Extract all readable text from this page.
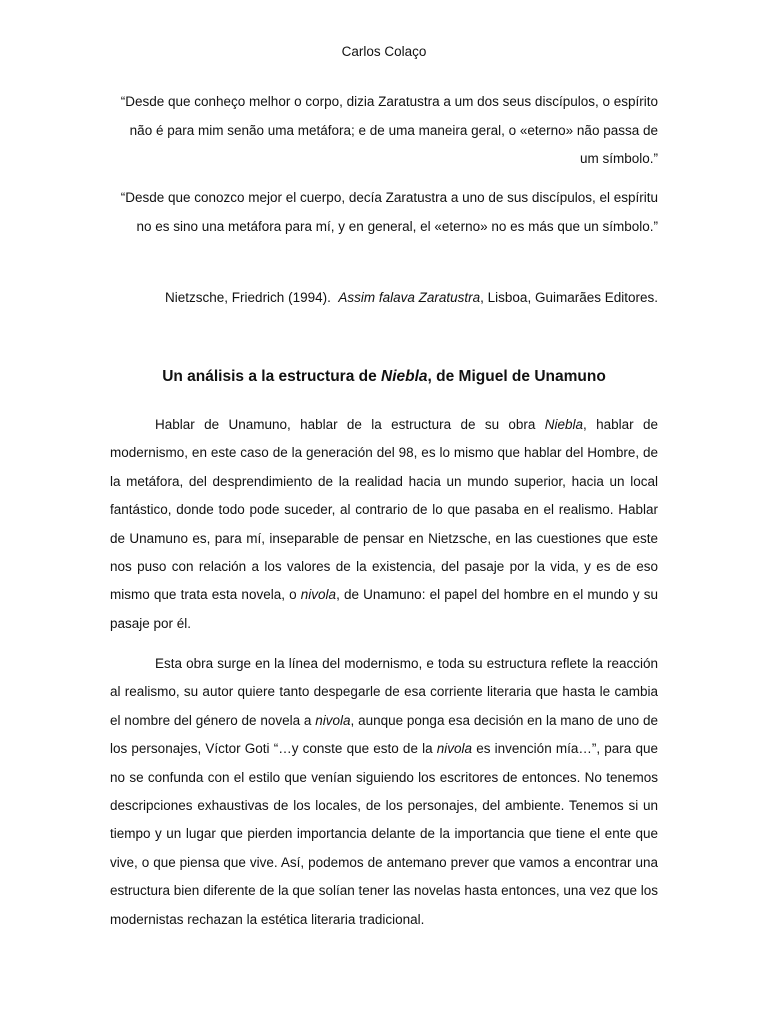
Carlos Colaço

“Desde que conheço melhor o corpo, dizia Zaratustra a um dos seus discípulos, o espírito não é para mim senão uma metáfora; e de uma maneira geral, o «eterno» não passa de um símbolo.”

“Desde que conozco mejor el cuerpo, decía Zaratustra a uno de sus discípulos, el espíritu no es sino una metáfora para mí, y en general, el «eterno» no es más que un símbolo.”

Nietzsche, Friedrich (1994). Assim falava Zaratustra, Lisboa, Guimarães Editores.

Un análisis a la estructura de Niebla, de Miguel de Unamuno

Hablar de Unamuno, hablar de la estructura de su obra Niebla, hablar de modernismo, en este caso de la generación del 98, es lo mismo que hablar del Hombre, de la metáfora, del desprendimiento de la realidad hacia un mundo superior, hacia un local fantástico, donde todo pode suceder, al contrario de lo que pasaba en el realismo. Hablar de Unamuno es, para mí, inseparable de pensar en Nietzsche, en las cuestiones que este nos puso con relación a los valores de la existencia, del pasaje por la vida, y es de eso mismo que trata esta novela, o nivola, de Unamuno: el papel del hombre en el mundo y su pasaje por él.

Esta obra surge en la línea del modernismo, e toda su estructura reflete la reacción al realismo, su autor quiere tanto despegarle de esa corriente literaria que hasta le cambia el nombre del género de novela a nivola, aunque ponga esa decisión en la mano de uno de los personajes, Víctor Goti “…y conste que esto de la nivola es invención mía…”, para que no se confunda con el estilo que venían siguiendo los escritores de entonces. No tenemos descripciones exhaustivas de los locales, de los personajes, del ambiente. Tenemos si un tiempo y un lugar que pierden importancia delante de la importancia que tiene el ente que vive, o que piensa que vive. Así, podemos de antemano prever que vamos a encontrar una estructura bien diferente de la que solían tener las novelas hasta entonces, una vez que los modernistas rechazan la estética literaria tradicional.
